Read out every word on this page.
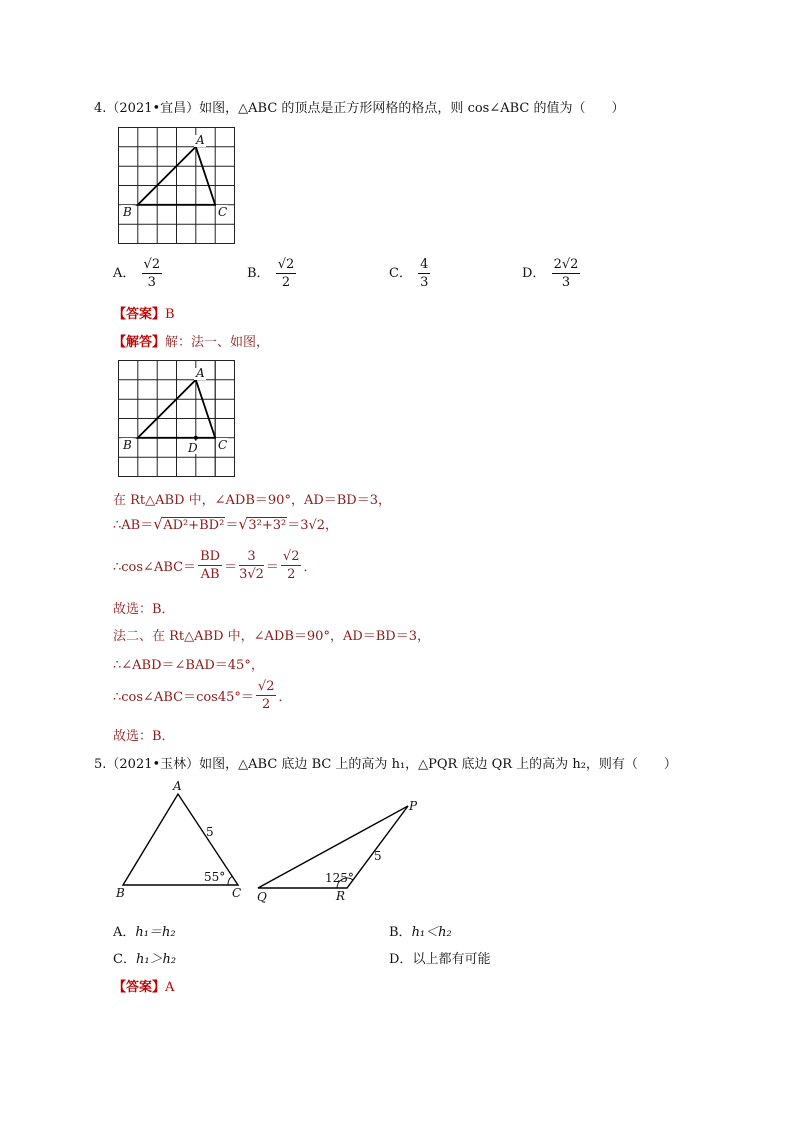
4.（2021•宜昌）如图，△ABC 的顶点是正方形网格的格点，则 cos∠ABC 的值为（　　）
A
B	C
A． $\frac{√2}{3}$	B． $\frac{√2}{2}$	C． $\frac{4}{3}$	D． $\frac{2√2}{3}$
【答案】B
【解答】解：法一、如图，
A
B	C
D
在 Rt△ABD 中，∠ADB＝90°，AD＝BD＝3，
∴AB＝ √ AD²+BD²＝ √ 3²+3²＝3√2，
∴cos∠ABC＝ $\frac{BD}{AB} = \frac{3}{3√2} = \frac{√2}{2}$ ．
故选：B．
法二、在 Rt△ABD 中，∠ADB＝90°，AD＝BD＝3，
∴∠ABD＝∠BAD＝45°，
∴cos∠ABC＝cos45°＝ $\frac{√2}{2}$ ．
故选：B．
5.（2021•玉林）如图，△ABC 底边 BC 上的高为 h₁，△PQR 底边 QR 上的高为 h₂，则有（　　）
A
B	C
5
55°
P
Q	R
5
125°
A．h₁＝h₂	B．h₁＜h₂
C．h₁＞h₂	D．以上都有可能
【答案】A
